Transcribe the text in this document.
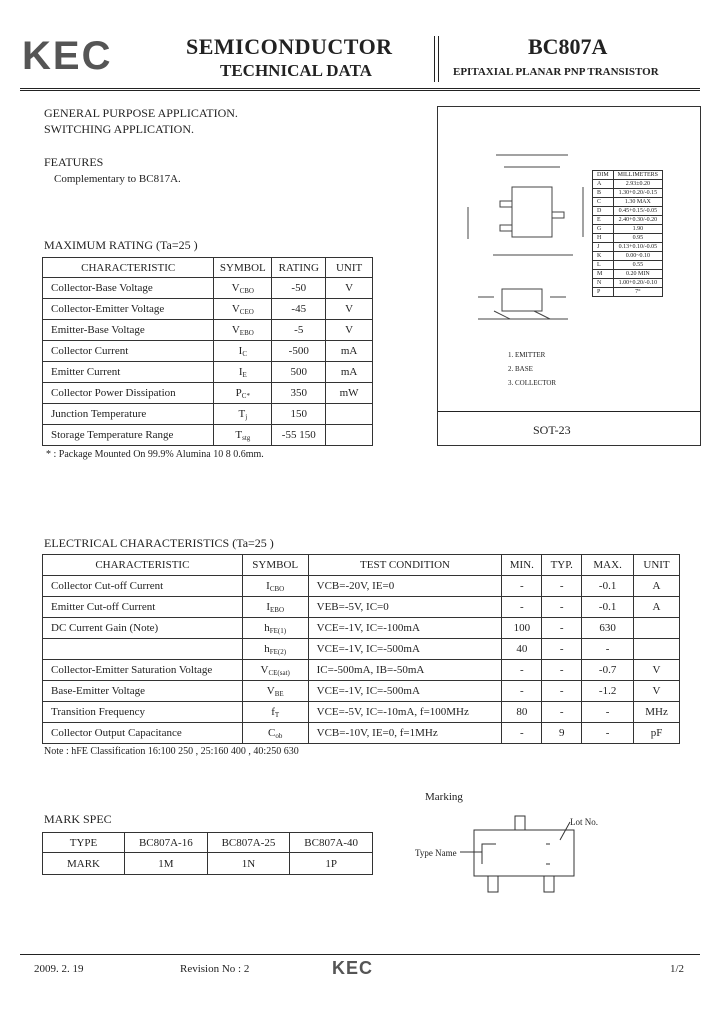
KEC	SEMICONDUCTOR
TECHNICAL DATA
BC807A
EPITAXIAL PLANAR PNP TRANSISTOR
GENERAL PURPOSE APPLICATION.
SWITCHING APPLICATION.
FEATURES
Complementary to BC817A.	DIM	MILLIMETERS
A	2.93±0.20
B	1.30+0.20/-0.15
C	1.30 MAX
D	0.45+0.15/-0.05
E	2.40+0.30/-0.20
G	1.90
H	0.95
J	0.13+0.10/-0.05
K	0.00~0.10
L	0.55
M	0.20 MIN
N	1.00+0.20/-0.10
P	7°
1. EMITTER
2. BASE
3. COLLECTOR
SOT-23
MAXIMUM RATING (Ta=25 )
CHARACTERISTIC	SYMBOL	RATING	UNIT
Collector-Base Voltage	$V_{CBO}$	-50	V
Collector-Emitter Voltage	$V_{CEO}$	-45	V
Emitter-Base Voltage	$V_{EBO}$	-5	V
Collector Current	$I_C$	-500	mA
Emitter Current	$I_E$	500	mA
Collector Power Dissipation	$P_{C*}$	350	mW
Junction Temperature	$T_j$	150	
Storage Temperature Range	$T_{stg}$	-55 150	
* : Package Mounted On 99.9% Alumina 10 8 0.6mm.
ELECTRICAL CHARACTERISTICS (Ta=25 )
CHARACTERISTIC	SYMBOL	TEST CONDITION	MIN.	TYP.	MAX.	UNIT
Collector Cut-off Current	$I_{CBO}$	VCB=-20V, IE=0	-	-	-0.1	A
Emitter Cut-off Current	$I_{EBO}$	VEB=-5V, IC=0	-	-	-0.1	A
DC Current Gain (Note)	$h_{FE(1)}$	VCE=-1V, IC=-100mA	100	-	630	
	$h_{FE(2)}$	VCE=-1V, IC=-500mA	40	-	-	
Collector-Emitter Saturation Voltage	$V_{CE(sat)}$	IC=-500mA, IB=-50mA	-	-	-0.7	V
Base-Emitter Voltage	$V_{BE}$	VCE=-1V, IC=-500mA	-	-	-1.2	V
Transition Frequency	$f_T$	VCE=-5V, IC=-10mA, f=100MHz	80	-	-	MHz
Collector Output Capacitance	$C_{ob}$	VCB=-10V, IE=0, f=1MHz	-	9	-	pF
Note : hFE Classification 16:100 250 , 25:160 400 , 40:250 630
MARK SPEC
TYPE	BC807A-16	BC807A-25	BC807A-40
MARK	1M	1N	1P
Marking
Lot No.
Type Name
2009. 2. 19	Revision No : 2	KEC	1/2
